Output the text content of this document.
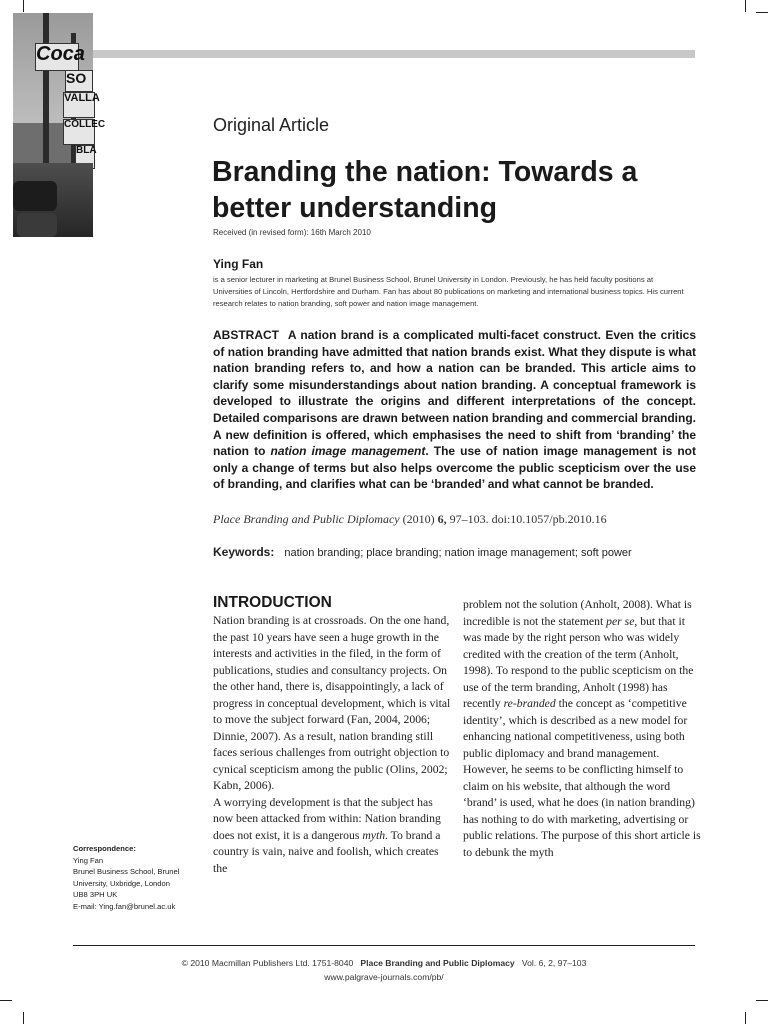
Coca
SO
VALLA
COLLEC
BLA
Original Article
Branding the nation: Towards a better understanding
Received (in revised form): 16th March 2010
Ying Fan
is a senior lecturer in marketing at Brunel Business School, Brunel University in London. Previously, he has held faculty positions at Universities of Lincoln, Hertfordshire and Durham. Fan has about 80 publications on marketing and international business topics. His current research relates to nation branding, soft power and nation image management.
ABSTRACT A nation brand is a complicated multi-facet construct. Even the critics of nation branding have admitted that nation brands exist. What they dispute is what nation branding refers to, and how a nation can be branded. This article aims to clarify some misunderstandings about nation branding. A conceptual framework is developed to illustrate the origins and different interpretations of the concept. Detailed comparisons are drawn between nation branding and commercial branding. A new definition is offered, which emphasises the need to shift from ‘branding’ the nation to nation image management. The use of nation image management is not only a change of terms but also helps overcome the public scepticism over the use of branding, and clarifies what can be ‘branded’ and what cannot be branded.
Place Branding and Public Diplomacy (2010) 6, 97–103. doi:10.1057/pb.2010.16
Keywords: nation branding; place branding; nation image management; soft power
INTRODUCTION
Nation branding is at crossroads. On the one hand, the past 10 years have seen a huge growth in the interests and activities in the filed, in the form of publications, studies and consultancy projects. On the other hand, there is, disappointingly, a lack of progress in conceptual development, which is vital to move the subject forward (Fan, 2004, 2006; Dinnie, 2007). As a result, nation branding still faces serious challenges from outright objection to cynical scepticism among the public (Olins, 2002; Kabn, 2006).
A worrying development is that the subject has now been attacked from within: Nation branding does not exist, it is a dangerous myth. To brand a country is vain, naive and foolish, which creates the
problem not the solution (Anholt, 2008). What is incredible is not the statement per se, but that it was made by the right person who was widely credited with the creation of the term (Anholt, 1998). To respond to the public scepticism on the use of the term branding, Anholt (1998) has recently re-branded the concept as ‘competitive identity’, which is described as a new model for enhancing national competitiveness, using both public diplomacy and brand management. However, he seems to be conflicting himself to claim on his website, that although the word ‘brand’ is used, what he does (in nation branding) has nothing to do with marketing, advertising or public relations. The purpose of this short article is to debunk the myth
Correspondence:
Ying Fan
Brunel Business School, Brunel
University, Uxbridge, London
UB8 3PH UK
E-mail: Ying.fan@brunel.ac.uk
© 2010 Macmillan Publishers Ltd. 1751-8040 Place Branding and Public Diplomacy Vol. 6, 2, 97–103
www.palgrave-journals.com/pb/
